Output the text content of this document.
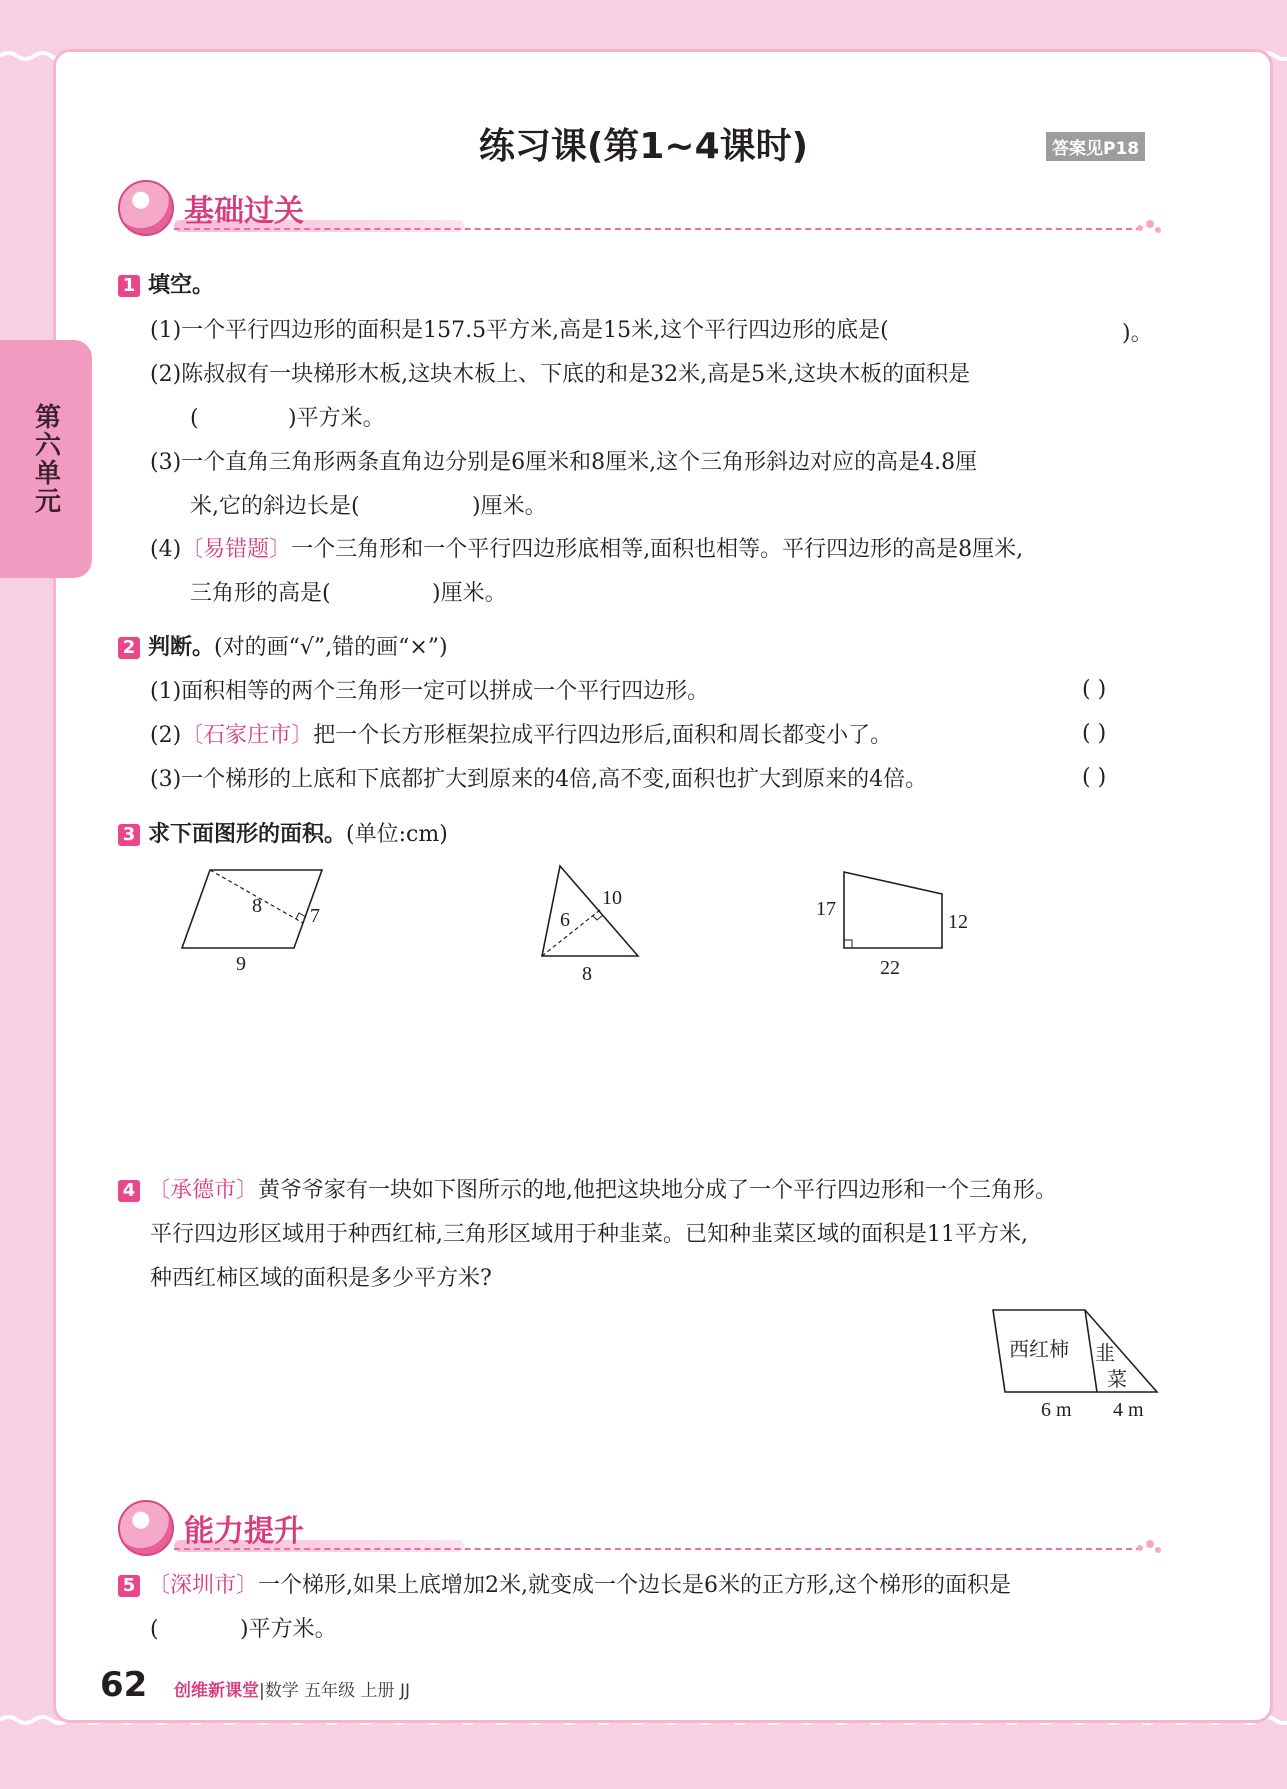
第六单元
练习课(第1~4课时)	答案见P18
基础过关
1 填空。
(1)一个平行四边形的面积是157.5平方米,高是15米,这个平行四边形的底是(	)。
(2)陈叔叔有一块梯形木板,这块木板上、下底的和是32米,高是5米,这块木板的面积是
(	)平方米。
(3)一个直角三角形两条直角边分别是6厘米和8厘米,这个三角形斜边对应的高是4.8厘
米,它的斜边长是(	)厘米。
(4)〔易错题〕一个三角形和一个平行四边形底相等,面积也相等。平行四边形的高是8厘米,
三角形的高是(	)厘米。
2 判断。(对的画“√”,错的画“×”)
(1)面积相等的两个三角形一定可以拼成一个平行四边形。	( )
(2)〔石家庄市〕把一个长方形框架拉成平行四边形后,面积和周长都变小了。	( )
(3)一个梯形的上底和下底都扩大到原来的4倍,高不变,面积也扩大到原来的4倍。	( )
3 求下面图形的面积。(单位:cm)
8 7
9
6
10
8
17
12
22
4 〔承德市〕黄爷爷家有一块如下图所示的地,他把这块地分成了一个平行四边形和一个三角形。
平行四边形区域用于种西红柿,三角形区域用于种韭菜。已知种韭菜区域的面积是11平方米,
种西红柿区域的面积是多少平方米?
西红柿 韭
菜
6 m 4 m
能力提升
5 〔深圳市〕一个梯形,如果上底增加2米,就变成一个边长是6米的正方形,这个梯形的面积是
(	)平方米。
62 创维新课堂|数学 五年级 上册 JJ
